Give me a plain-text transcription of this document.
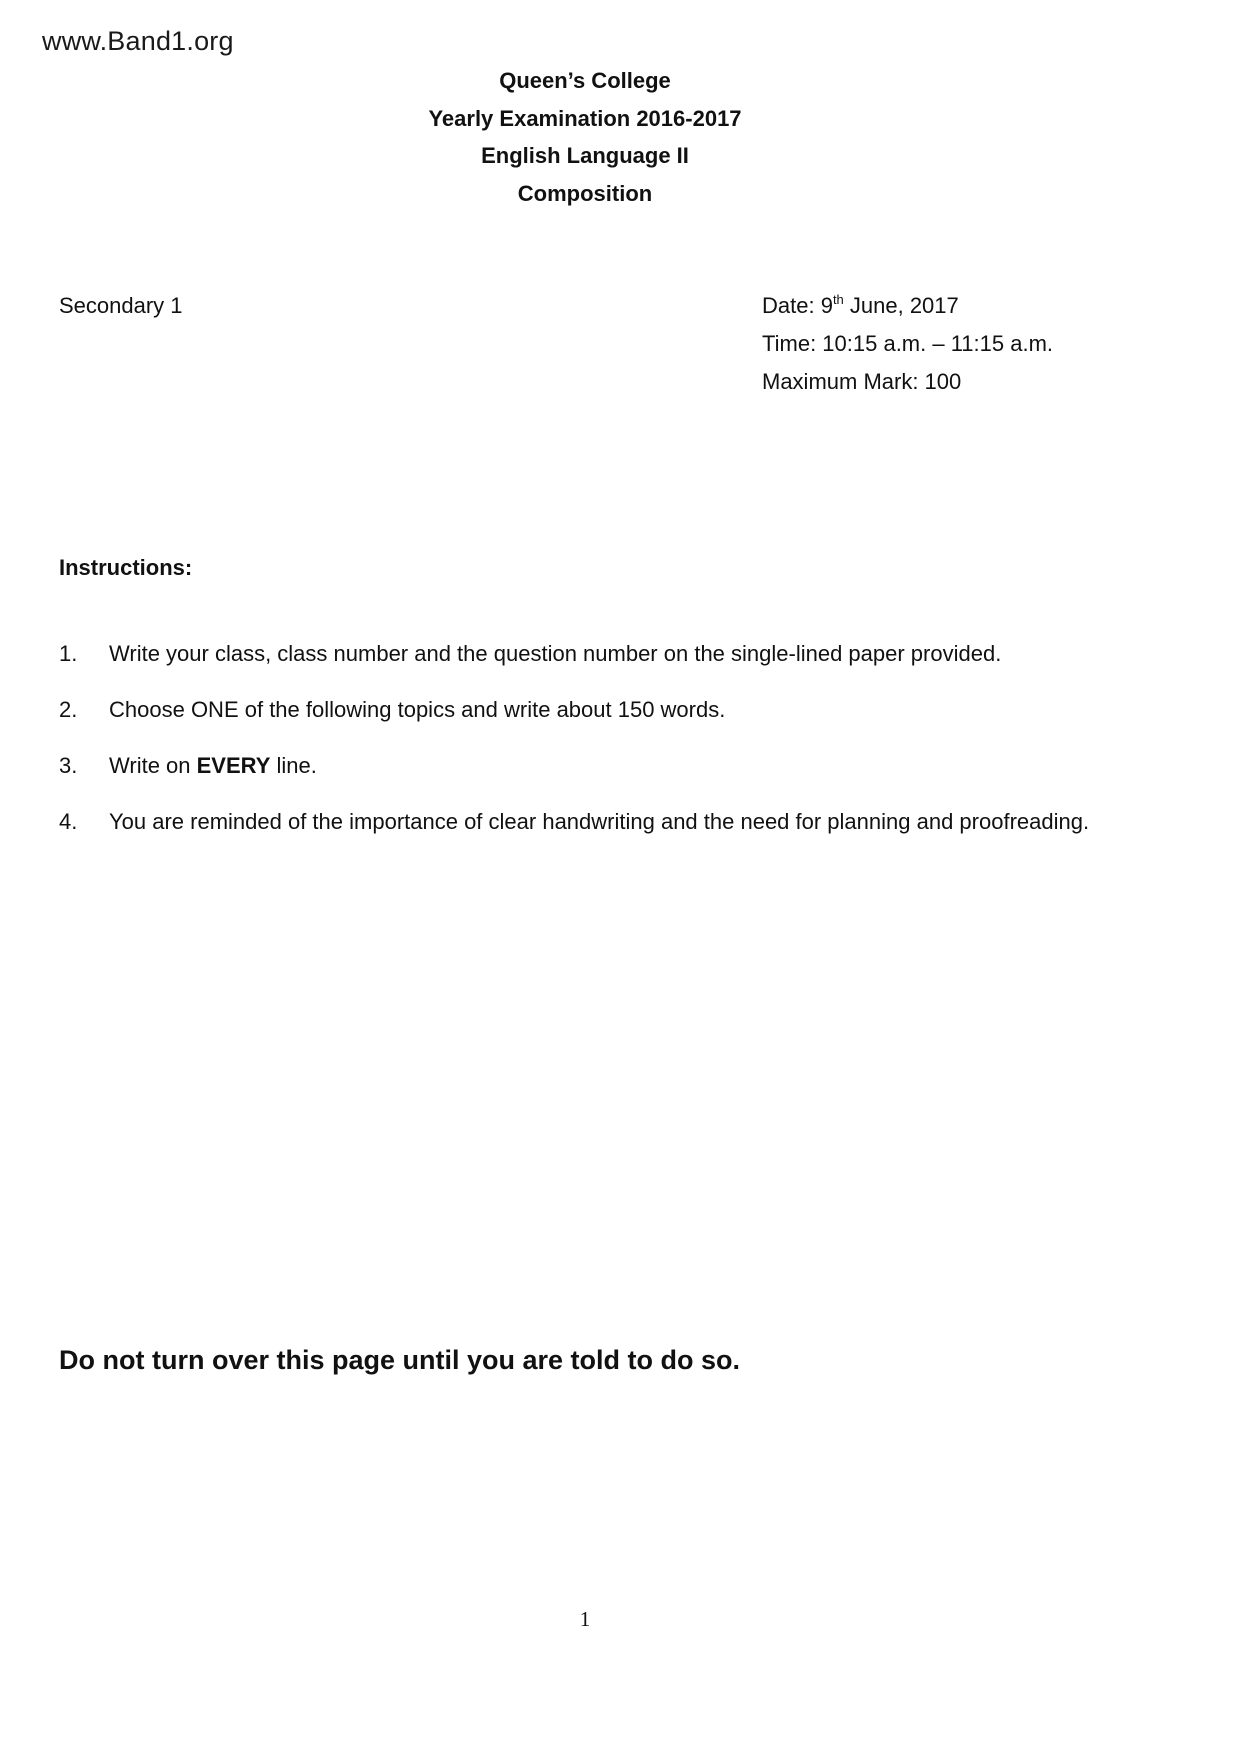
www.Band1.org
Queen’s College
Yearly Examination 2016-2017
English Language II
Composition
Secondary 1	Date: 9th June, 2017
Time: 10:15 a.m. – 11:15 a.m.
Maximum Mark: 100
Instructions:
1.	Write your class, class number and the question number on the single-lined paper provided.
2.	Choose ONE of the following topics and write about 150 words.
3.	Write on EVERY line.
4.	You are reminded of the importance of clear handwriting and the need for planning and proofreading.
Do not turn over this page until you are told to do so.
1
